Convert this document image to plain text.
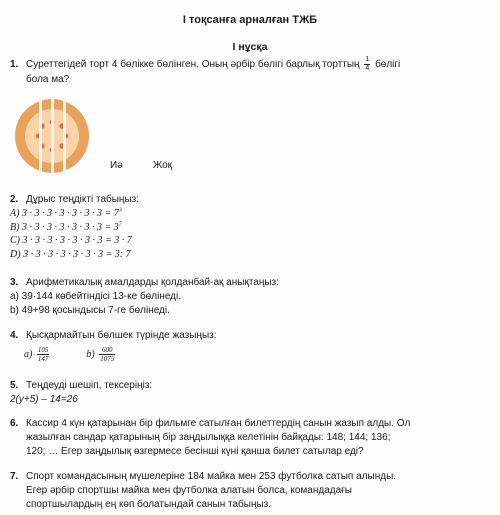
I тоқсанға арналған ТЖБ
I нұсқа
1. Суреттегідей торт 4 бөлікке бөлінген. Оның әрбір бөлігі барлық торттың $\frac{1}{4}$ бөлігі
бола ма?
Иә	Жоқ
2. Дұрыс теңдікті табыңыз:
A) $3 \cdot 3 \cdot 3 \cdot 3 \cdot 3 \cdot 3 \cdot 3 = 7^3$
B) $3 \cdot 3 \cdot 3 \cdot 3 \cdot 3 \cdot 3 \cdot 3 = 3^7$
C) 3 · 3 · 3 · 3 · 3 · 3 · 3 = 3 · 7
D) 3 · 3 · 3 · 3 · 3 · 3 · 3 = 3: 7
3. Арифметикалық амалдарды қолданбай-ақ анықтаңыз:
а) 39·144 көбейтіндісі 13-ке бөлінеді.
b) 49+98 қосындысы 7-ге бөлінеді.
4. Қысқармайтын бөлшек түрінде жазыңыз:
$a) \frac{105}{147}$	$b) \frac{600}{1075}$
5. Теңдеуді шешіп, тексеріңіз:
2(y+5) – 14=26
6. Кассир 4 күн қатарынан бір фильмге сатылған билеттердің санын жазып алды. Ол
жазылған сандар қатарының бір заңдылыққа келетінін байқады: 148; 144; 136;
120; … Егер заңдылық өзгермесе бесінші күні қанша билет сатылар еді?
7. Спорт командасының мүшелеріне 184 майка мен 253 футболка сатып алынды.
Егер әрбір спортшы майка мен футболка алатын болса, командадағы
спортшылардың ең көп болатындай санын табыңыз.
